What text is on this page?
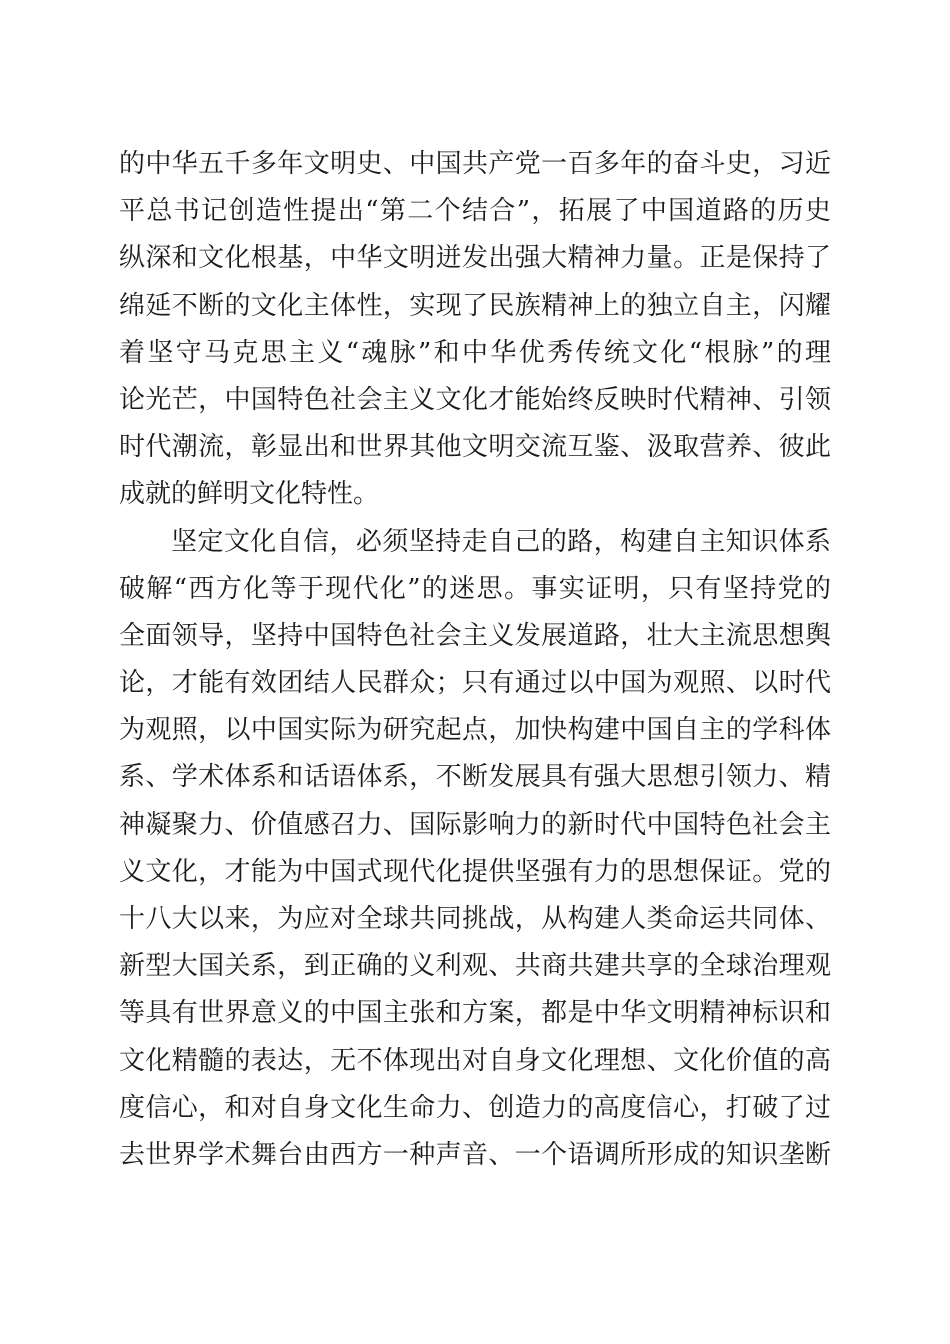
的中华五千多年文明史、中国共产党一百多年的奋斗史，习近
平总书记创造性提出“第二个结合”，拓展了中国道路的历史
纵深和文化根基，中华文明迸发出强大精神力量。正是保持了
绵延不断的文化主体性，实现了民族精神上的独立自主，闪耀
着坚守马克思主义“魂脉”和中华优秀传统文化“根脉”的理
论光芒，中国特色社会主义文化才能始终反映时代精神、引领
时代潮流，彰显出和世界其他文明交流互鉴、汲取营养、彼此
成就的鲜明文化特性。
坚定文化自信，必须坚持走自己的路，构建自主知识体系
破解“西方化等于现代化”的迷思。事实证明，只有坚持党的
全面领导，坚持中国特色社会主义发展道路，壮大主流思想舆
论，才能有效团结人民群众；只有通过以中国为观照、以时代
为观照，以中国实际为研究起点，加快构建中国自主的学科体
系、学术体系和话语体系，不断发展具有强大思想引领力、精
神凝聚力、价值感召力、国际影响力的新时代中国特色社会主
义文化，才能为中国式现代化提供坚强有力的思想保证。党的
十八大以来，为应对全球共同挑战，从构建人类命运共同体、
新型大国关系，到正确的义利观、共商共建共享的全球治理观
等具有世界意义的中国主张和方案，都是中华文明精神标识和
文化精髓的表达，无不体现出对自身文化理想、文化价值的高
度信心，和对自身文化生命力、创造力的高度信心，打破了过
去世界学术舞台由西方一种声音、一个语调所形成的知识垄断
